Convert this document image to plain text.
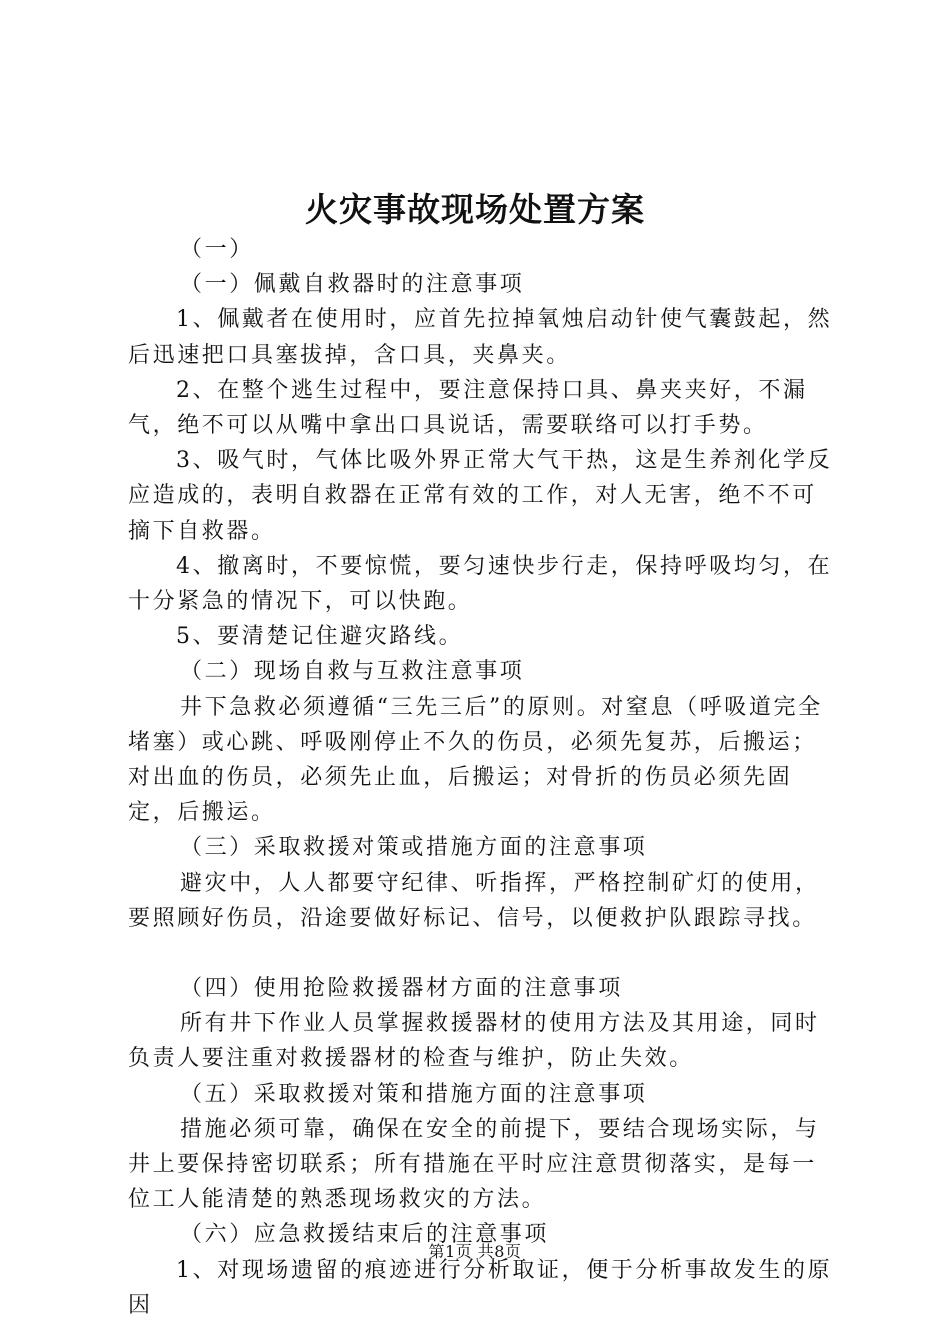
火灾事故现场处置方案

（一）

（一）佩戴自救器时的注意事项

1、佩戴者在使用时，应首先拉掉氧烛启动针使气囊鼓起，然后迅速把口具塞拔掉，含口具，夹鼻夹。

2、在整个逃生过程中，要注意保持口具、鼻夹夹好，不漏气，绝不可以从嘴中拿出口具说话，需要联络可以打手势。

3、吸气时，气体比吸外界正常大气干热，这是生养剂化学反应造成的，表明自救器在正常有效的工作，对人无害，绝不不可摘下自救器。

4、撤离时，不要惊慌，要匀速快步行走，保持呼吸均匀，在十分紧急的情况下，可以快跑。

5、要清楚记住避灾路线。

（二）现场自救与互救注意事项

井下急救必须遵循“三先三后”的原则。对窒息（呼吸道完全堵塞）或心跳、呼吸刚停止不久的伤员，必须先复苏，后搬运；对出血的伤员，必须先止血，后搬运；对骨折的伤员必须先固定，后搬运。

（三）采取救援对策或措施方面的注意事项

避灾中，人人都要守纪律、听指挥，严格控制矿灯的使用，要照顾好伤员，沿途要做好标记、信号，以便救护队跟踪寻找。

（四）使用抢险救援器材方面的注意事项

所有井下作业人员掌握救援器材的使用方法及其用途，同时负责人要注重对救援器材的检查与维护，防止失效。

（五）采取救援对策和措施方面的注意事项

措施必须可靠，确保在安全的前提下，要结合现场实际，与井上要保持密切联系；所有措施在平时应注意贯彻落实，是每一位工人能清楚的熟悉现场救灾的方法。

（六）应急救援结束后的注意事项

1、对现场遗留的痕迹进行分析取证，便于分析事故发生的原因

第1页 共8页
